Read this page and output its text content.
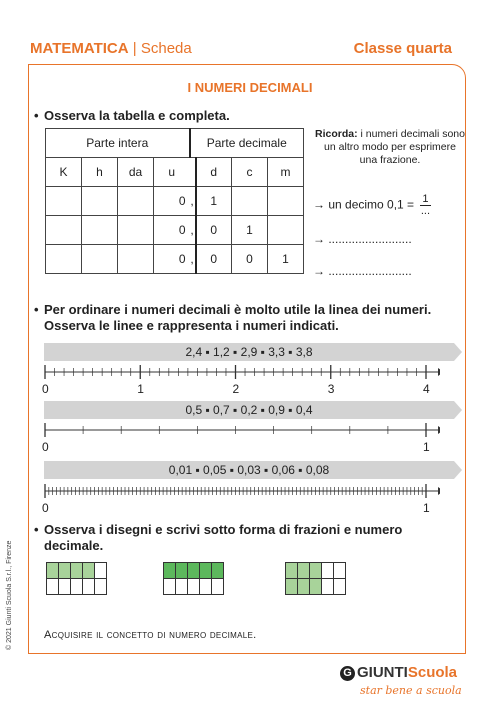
MATEMATICA | Scheda	Classe quarta
I NUMERI DECIMALI
• Osserva la tabella e completa.
Parte intera				Parte decimale			
K	h	da	u		d	c	m
			0	,	1		
			0	,	0	1	
			0	,	0	0	1
Ricorda: i numeri decimali sono un altro modo per esprimere una frazione.
→ un decimo $0,1 = \frac{1}{...}$
→ .........................
→ .........................
• Per ordinare i numeri decimali è molto utile la linea dei numeri.
Osserva le linee e rappresenta i numeri indicati.
2,4 ▪ 1,2 ▪ 2,9 ▪ 3,3 ▪ 3,8
0	1	2	3	4
0,5 ▪ 0,7 ▪ 0,2 ▪ 0,9 ▪ 0,4
0	1
0,01 ▪ 0,05 ▪ 0,03 ▪ 0,06 ▪ 0,08
0	1
• Osserva i disegni e scrivi sotto forma di frazioni e numero
decimale.

Acquisire il concetto di numero decimale.
© 2021 Giunti Scuola S.r.l., Firenze
G GIUNTIScuola
star bene a scuola
